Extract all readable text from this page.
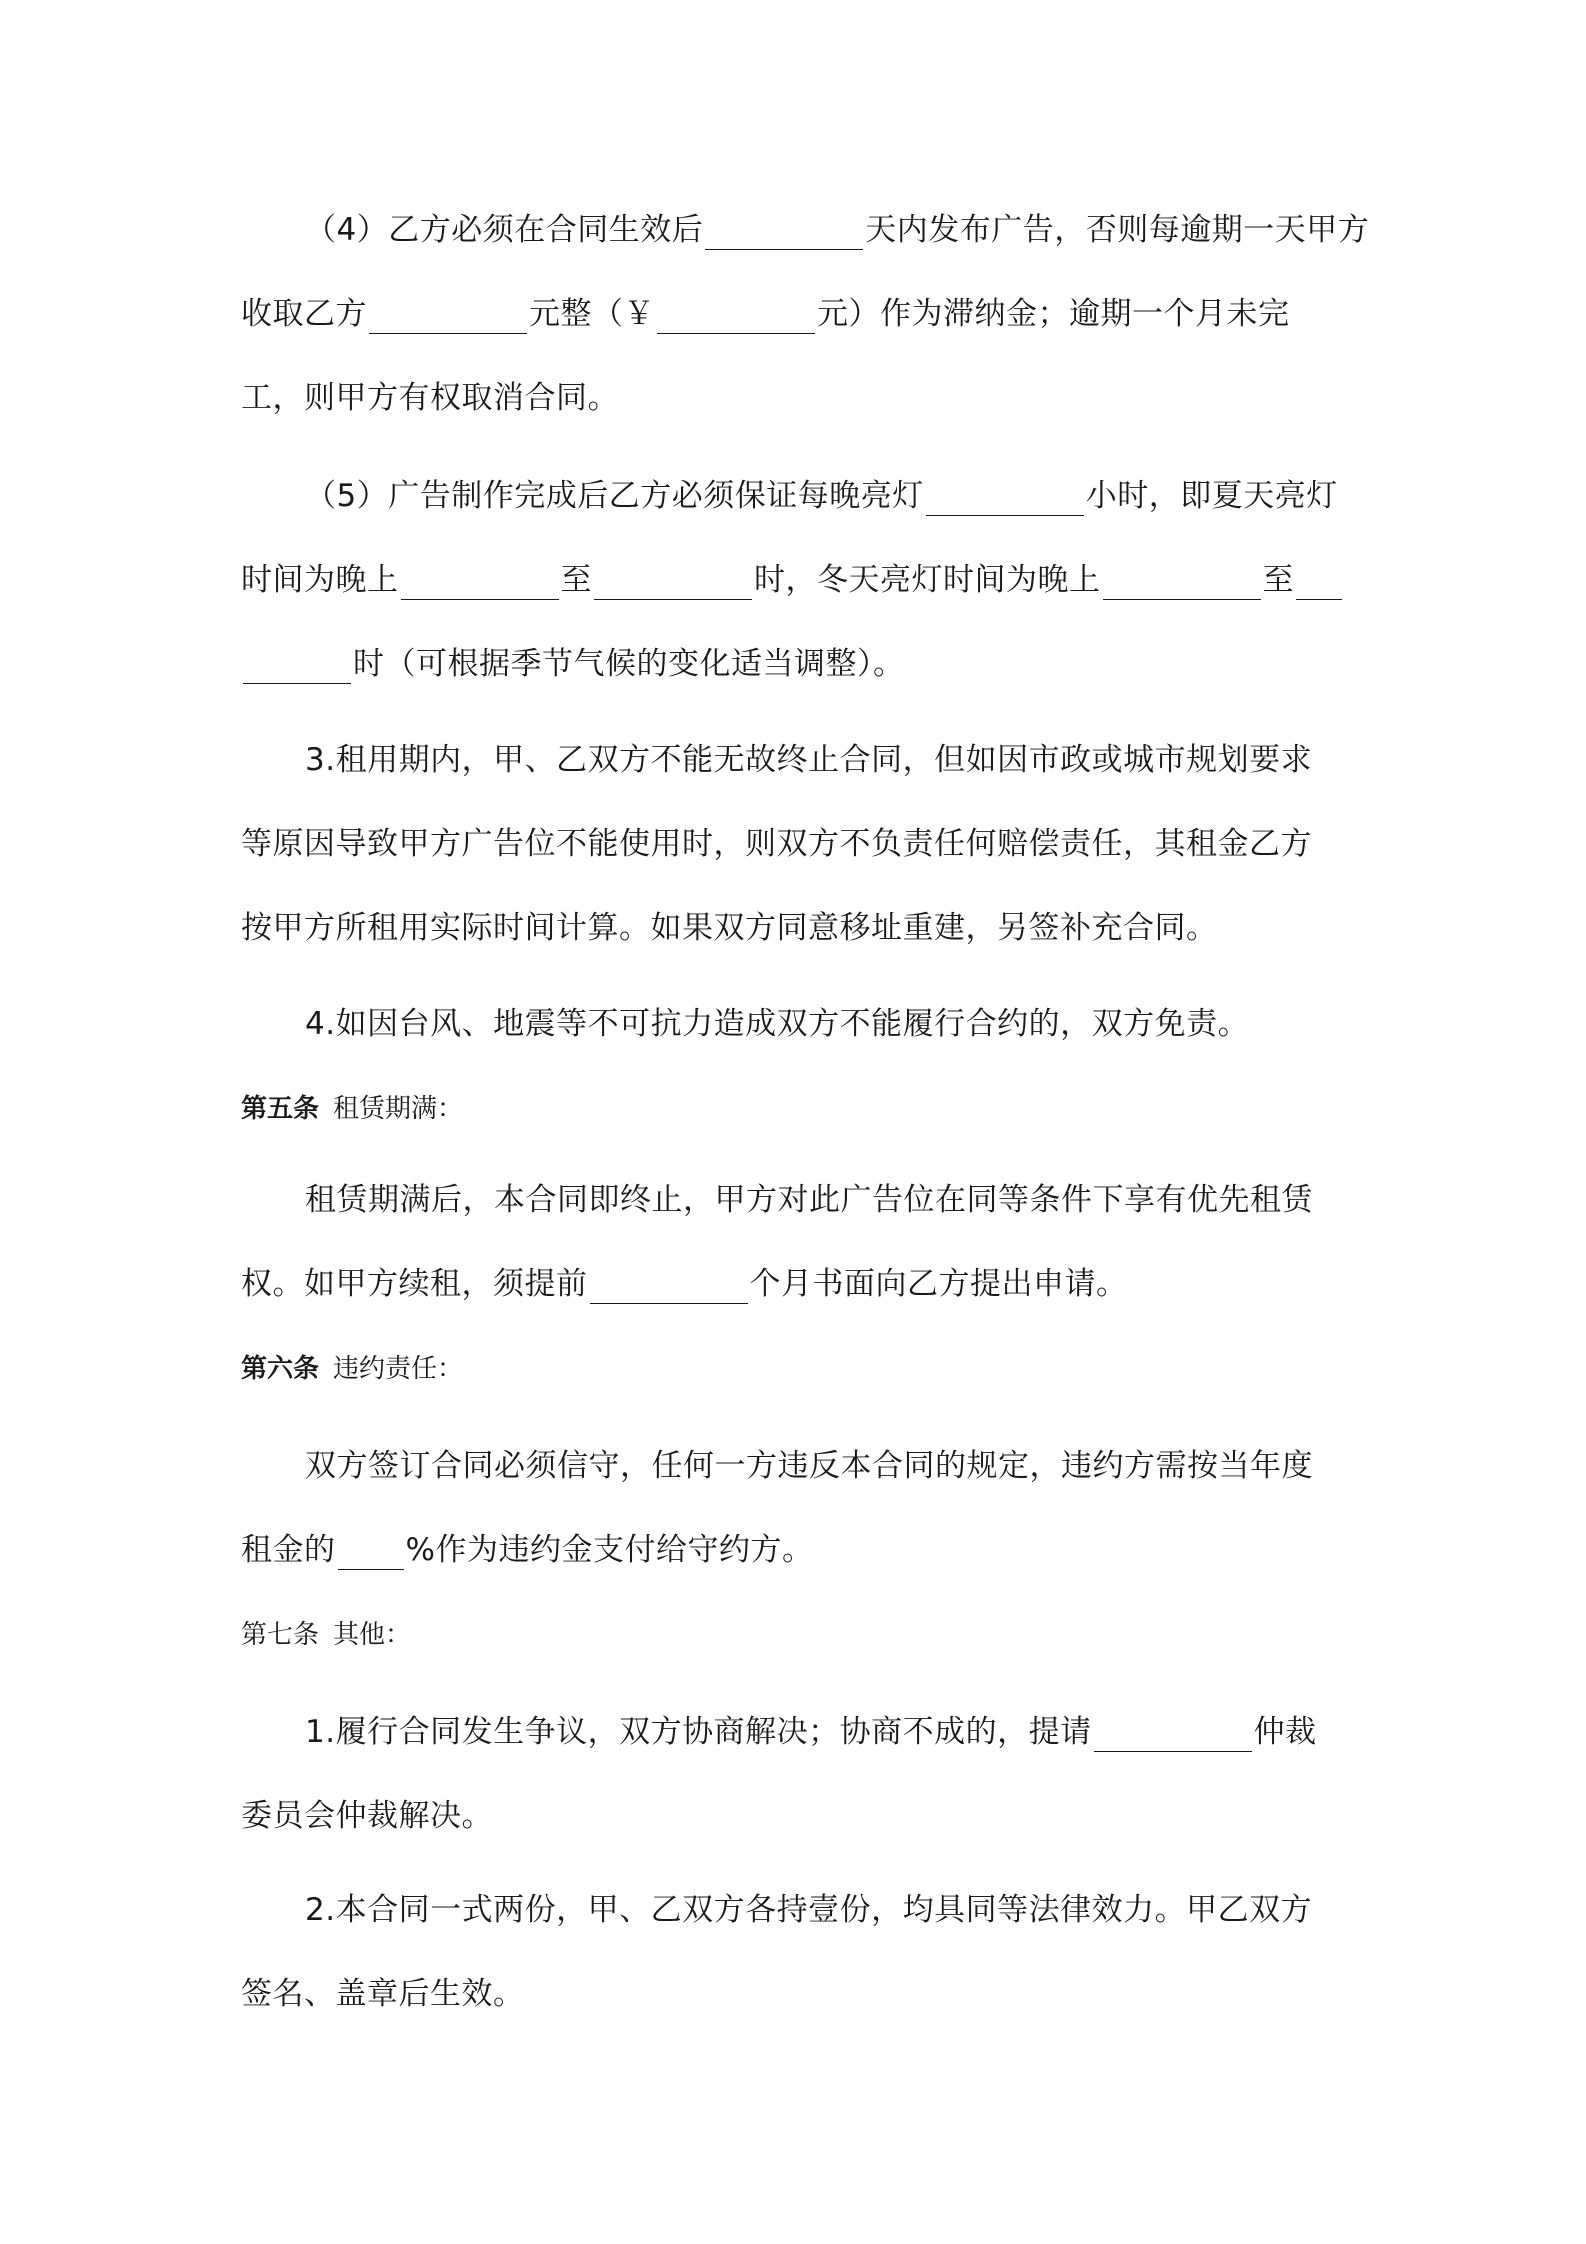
（4）乙方必须在合同生效后	天内发布广告，否则每逾期一天甲方
收取乙方	元整（￥	元）作为滞纳金；逾期一个月未完
工，则甲方有权取消合同。
（5）广告制作完成后乙方必须保证每晚亮灯	小时，即夏天亮灯
时间为晚上	至	时，冬天亮灯时间为晚上	至
时（可根据季节气候的变化适当调整）。
3.租用期内，甲、乙双方不能无故终止合同，但如因市政或城市规划要求
等原因导致甲方广告位不能使用时，则双方不负责任何赔偿责任，其租金乙方
按甲方所租用实际时间计算。如果双方同意移址重建，另签补充合同。
4.如因台风、地震等不可抗力造成双方不能履行合约的，双方免责。
第五条 租赁期满：
租赁期满后，本合同即终止，甲方对此广告位在同等条件下享有优先租赁
权。如甲方续租，须提前	个月书面向乙方提出申请。
第六条 违约责任：
双方签订合同必须信守，任何一方违反本合同的规定，违约方需按当年度
租金的 %作为违约金支付给守约方。
第七条 其他：
1.履行合同发生争议，双方协商解决；协商不成的，提请	仲裁
委员会仲裁解决。
2.本合同一式两份，甲、乙双方各持壹份，均具同等法律效力。甲乙双方
签名、盖章后生效。
